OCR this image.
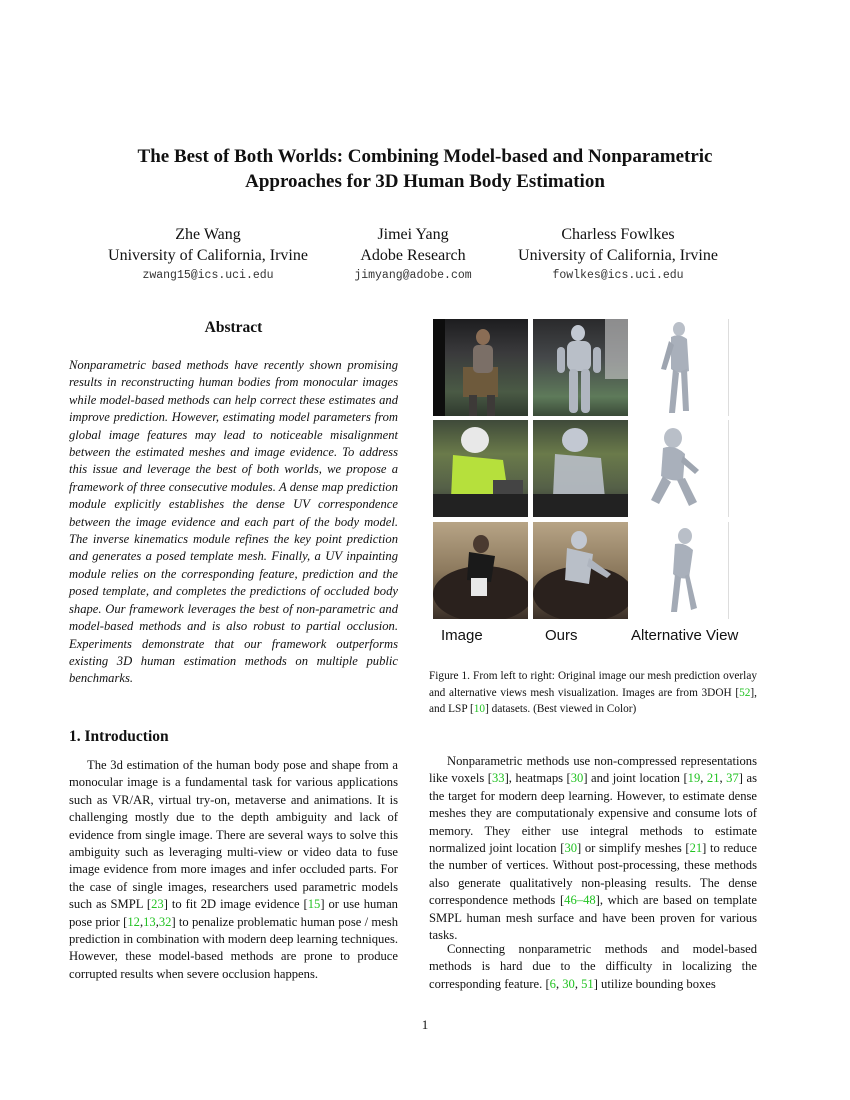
The Best of Both Worlds: Combining Model-based and Nonparametric
Approaches for 3D Human Body Estimation
Zhe Wang
University of California, Irvine
zwang15@ics.uci.edu
Jimei Yang
Adobe Research
jimyang@adobe.com
Charless Fowlkes
University of California, Irvine
fowlkes@ics.uci.edu
Abstract

Nonparametric based methods have recently shown promising results in reconstructing human bodies from monocular images while model-based methods can help correct these estimates and improve prediction. However, estimating model parameters from global image features may lead to noticeable misalignment between the estimated meshes and image evidence. To address this issue and leverage the best of both worlds, we propose a framework of three consecutive modules. A dense map prediction module explicitly establishes the dense UV correspondence between the image evidence and each part of the body model. The inverse kinematics module refines the key point prediction and generates a posed template mesh. Finally, a UV inpainting module relies on the corresponding feature, prediction and the posed template, and completes the predictions of occluded body shape. Our framework leverages the best of non-parametric and model-based methods and is also robust to partial occlusion. Experiments demonstrate that our framework outperforms existing 3D human estimation methods on multiple public benchmarks.

1. Introduction

The 3d estimation of the human body pose and shape from a monocular image is a fundamental task for various applications such as VR/AR, virtual try-on, metaverse and animations. It is challenging mostly due to the depth ambiguity and lack of evidence from single image. There are several ways to solve this ambiguity such as leveraging multi-view or video data to fuse image evidence from more images and infer occluded parts. For the case of single images, researchers used parametric models such as SMPL [23] to fit 2D image evidence [15] or use human pose prior [12,13,32] to penalize problematic human pose / mesh prediction in combination with modern deep learning techniques. However, these model-based methods are prone to produce corrupted results when severe occlusion happens.

Image	Ours	Alternative View

Figure 1. From left to right: Original image our mesh prediction overlay and alternative views mesh visualization. Images are from 3DOH [52], and LSP [10] datasets. (Best viewed in Color)

Nonparametric methods use non-compressed representations like voxels [33], heatmaps [30] and joint location [19, 21, 37] as the target for modern deep learning. However, to estimate dense meshes they are computationaly expensive and consume lots of memory. They either use integral methods to estimate normalized joint location [30] or simplify meshes [21] to reduce the number of vertices. Without post-processing, these methods also generate qualitatively non-pleasing results. The dense correspondence methods [46–48], which are based on template SMPL human mesh surface and have been proven for various tasks.

Connecting nonparametric methods and model-based methods is hard due to the difficulty in localizing the corresponding feature. [6, 30, 51] utilize bounding boxes

1
